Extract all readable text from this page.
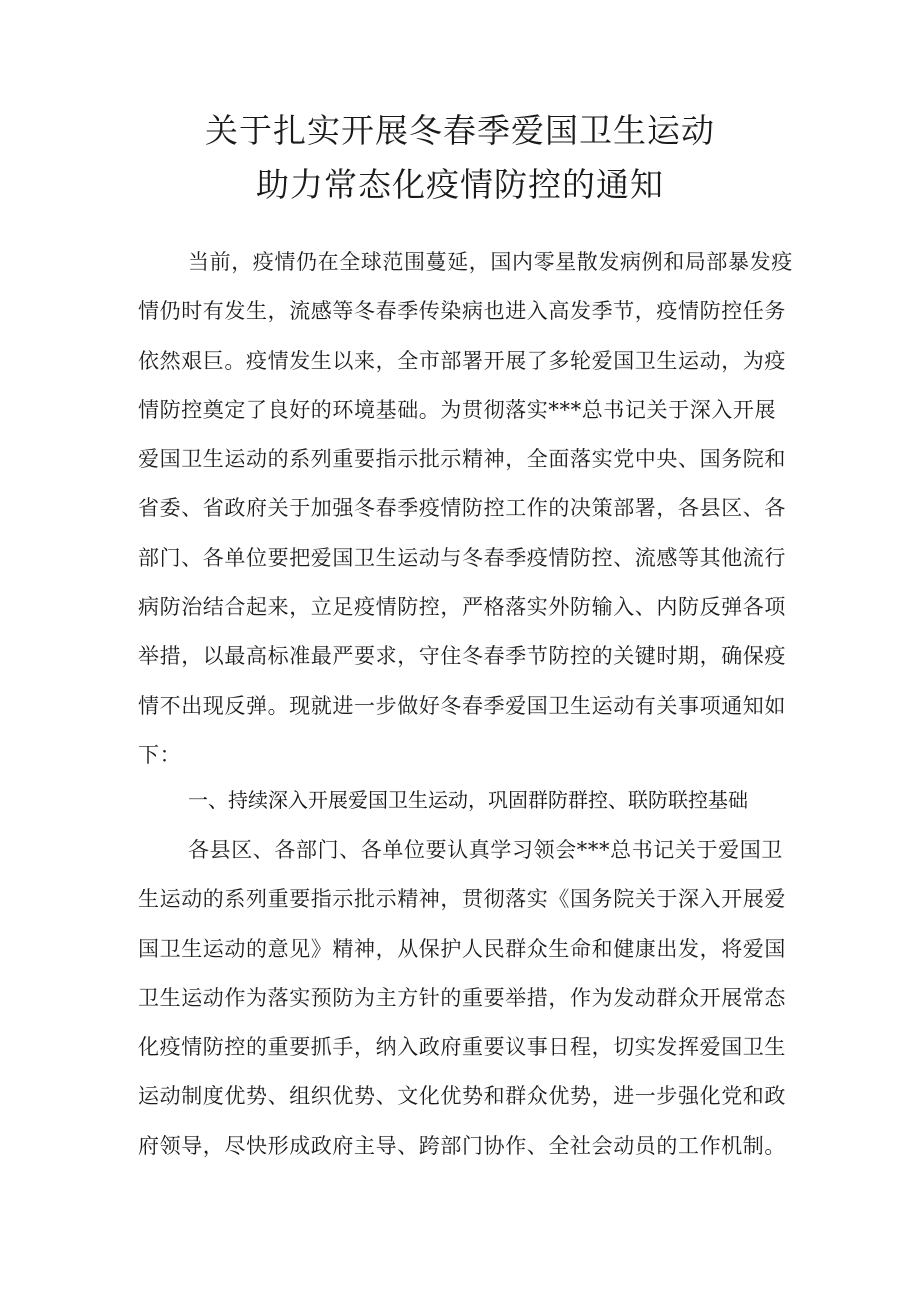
关于扎实开展冬春季爱国卫生运动
助力常态化疫情防控的通知
当前，疫情仍在全球范围蔓延，国内零星散发病例和局部暴发疫
情仍时有发生，流感等冬春季传染病也进入高发季节，疫情防控任务
依然艰巨。疫情发生以来，全市部署开展了多轮爱国卫生运动，为疫
情防控奠定了良好的环境基础。为贯彻落实***总书记关于深入开展
爱国卫生运动的系列重要指示批示精神，全面落实党中央、国务院和
省委、省政府关于加强冬春季疫情防控工作的决策部署，各县区、各
部门、各单位要把爱国卫生运动与冬春季疫情防控、流感等其他流行
病防治结合起来，立足疫情防控，严格落实外防输入、内防反弹各项
举措，以最高标准最严要求，守住冬春季节防控的关键时期，确保疫
情不出现反弹。现就进一步做好冬春季爱国卫生运动有关事项通知如
下：
一、持续深入开展爱国卫生运动，巩固群防群控、联防联控基础
各县区、各部门、各单位要认真学习领会***总书记关于爱国卫
生运动的系列重要指示批示精神，贯彻落实《国务院关于深入开展爱
国卫生运动的意见》精神，从保护人民群众生命和健康出发，将爱国
卫生运动作为落实预防为主方针的重要举措，作为发动群众开展常态
化疫情防控的重要抓手，纳入政府重要议事日程，切实发挥爱国卫生
运动制度优势、组织优势、文化优势和群众优势，进一步强化党和政
府领导，尽快形成政府主导、跨部门协作、全社会动员的工作机制。
